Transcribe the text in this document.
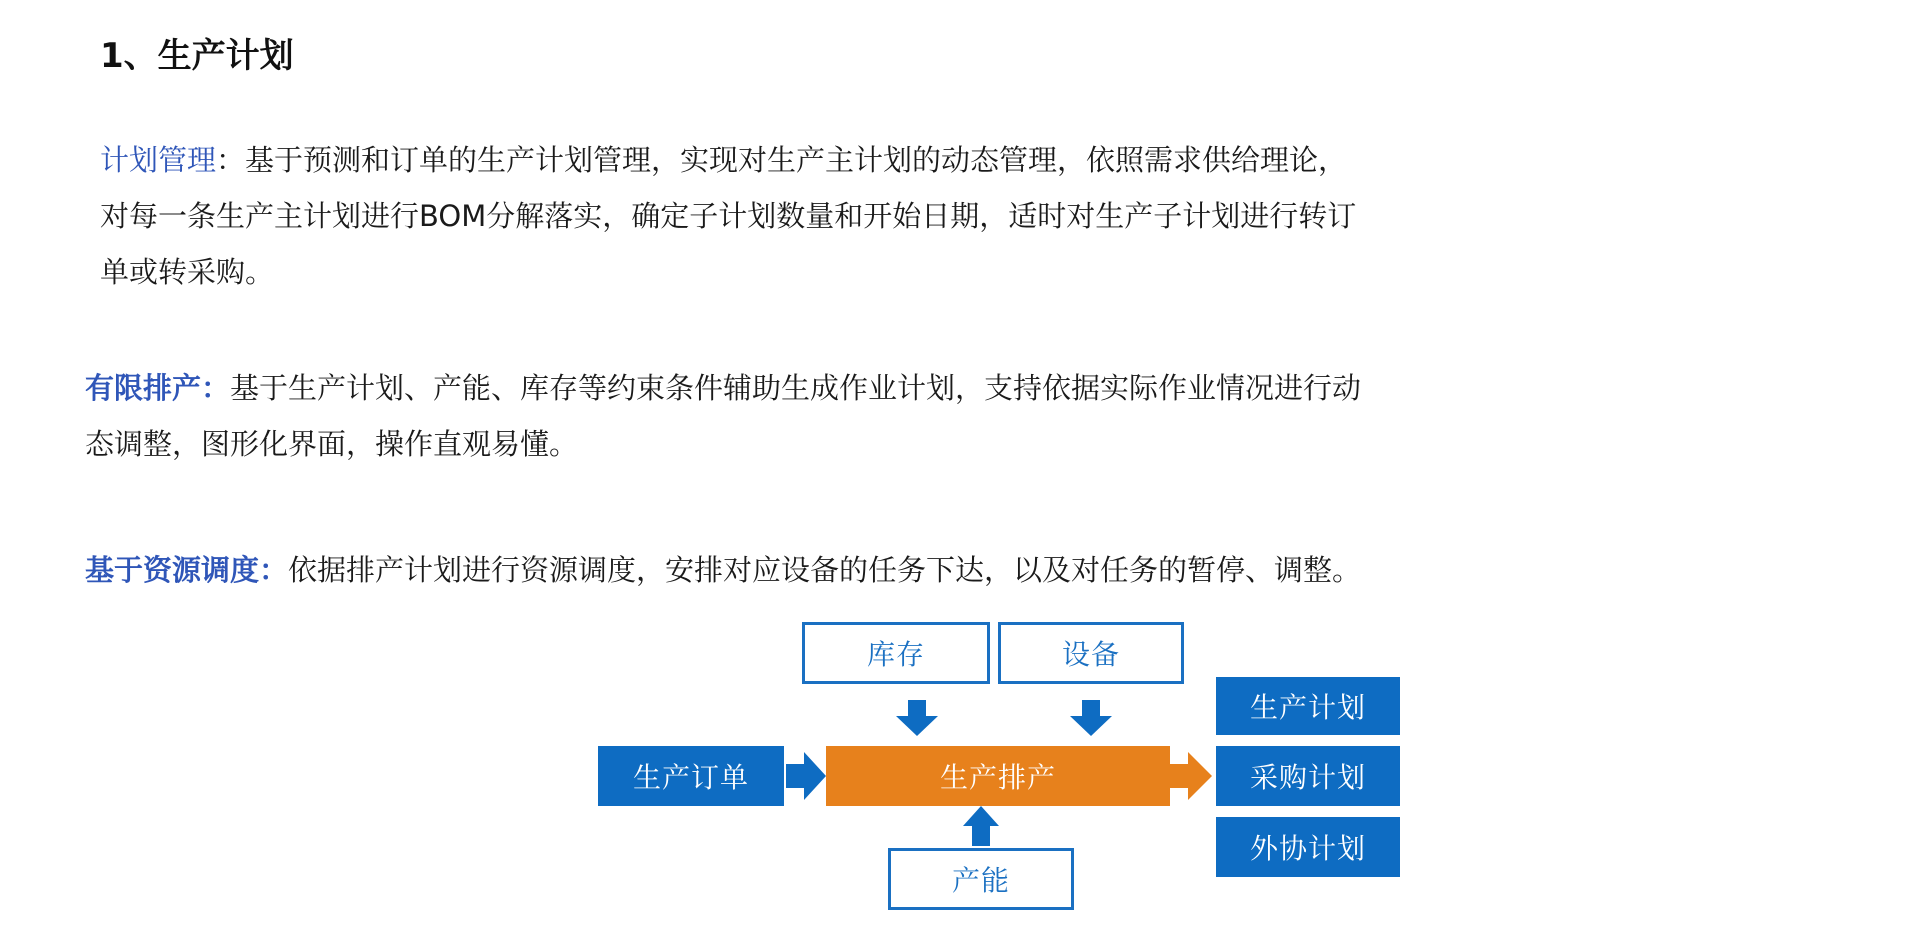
1、生产计划
计划管理：基于预测和订单的生产计划管理，实现对生产主计划的动态管理，依照需求供给理论，
对每一条生产主计划进行BOM分解落实，确定子计划数量和开始日期，适时对生产子计划进行转订
单或转采购。
有限排产：基于生产计划、产能、库存等约束条件辅助生成作业计划，支持依据实际作业情况进行动
态调整，图形化界面，操作直观易懂。
基于资源调度：依据排产计划进行资源调度，安排对应设备的任务下达，以及对任务的暂停、调整。
库存	设备
生产订单	生产排产
产能
生产计划
采购计划
外协计划
